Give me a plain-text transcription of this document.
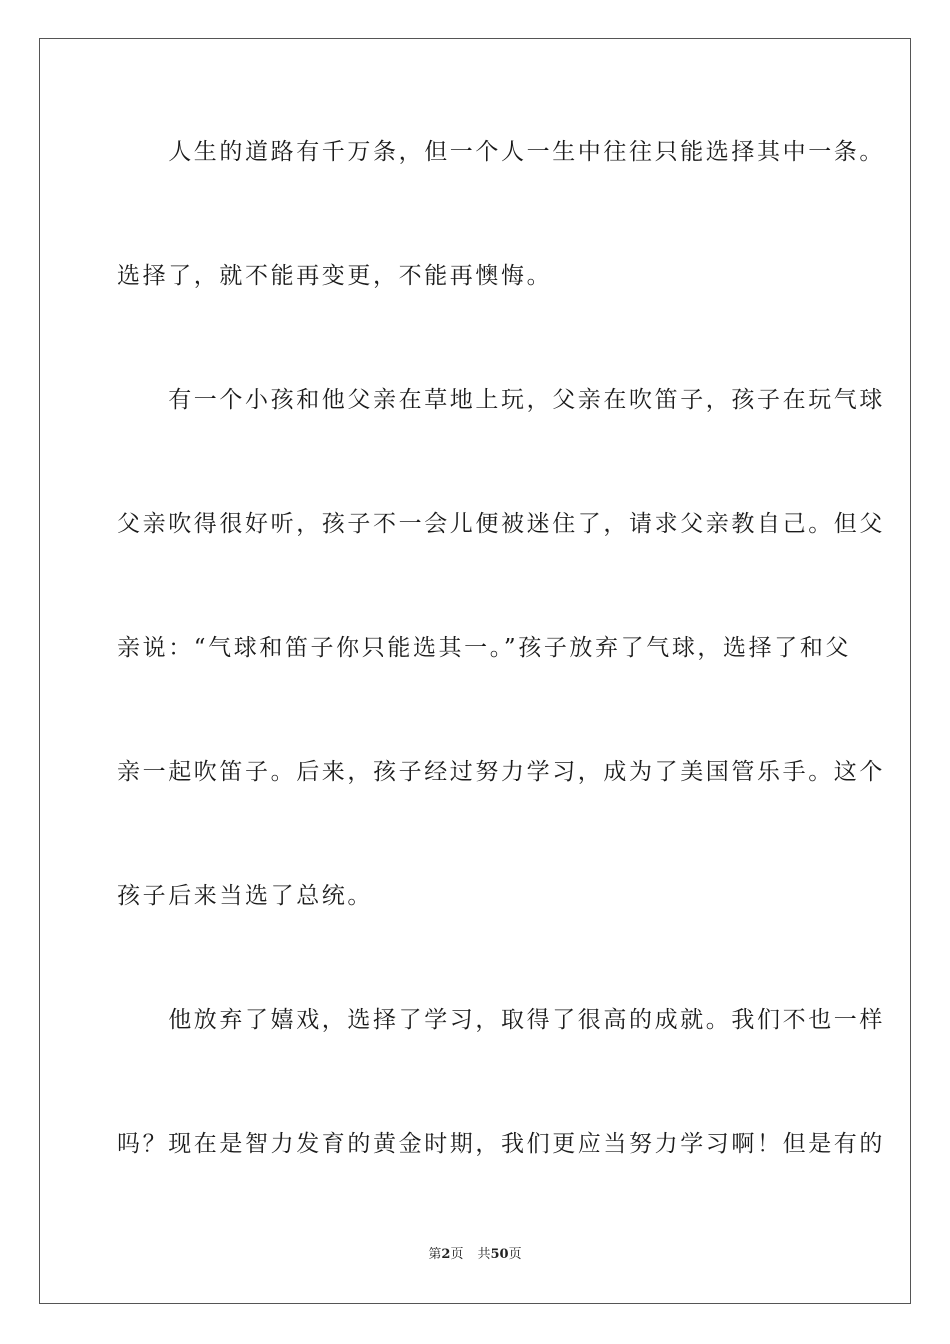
　　人生的道路有千万条，但一个人一生中往往只能选择其中一条。
选择了，就不能再变更，不能再懊悔。
　　有一个小孩和他父亲在草地上玩，父亲在吹笛子，孩子在玩气球
父亲吹得很好听，孩子不一会儿便被迷住了，请求父亲教自己。但父
亲说：“气球和笛子你只能选其一。”孩子放弃了气球，选择了和父
亲一起吹笛子。后来，孩子经过努力学习，成为了美国管乐手。这个
孩子后来当选了总统。
　　他放弃了嬉戏，选择了学习，取得了很高的成就。我们不也一样
吗？现在是智力发育的黄金时期，我们更应当努力学习啊！但是有的
第2页 共50页
